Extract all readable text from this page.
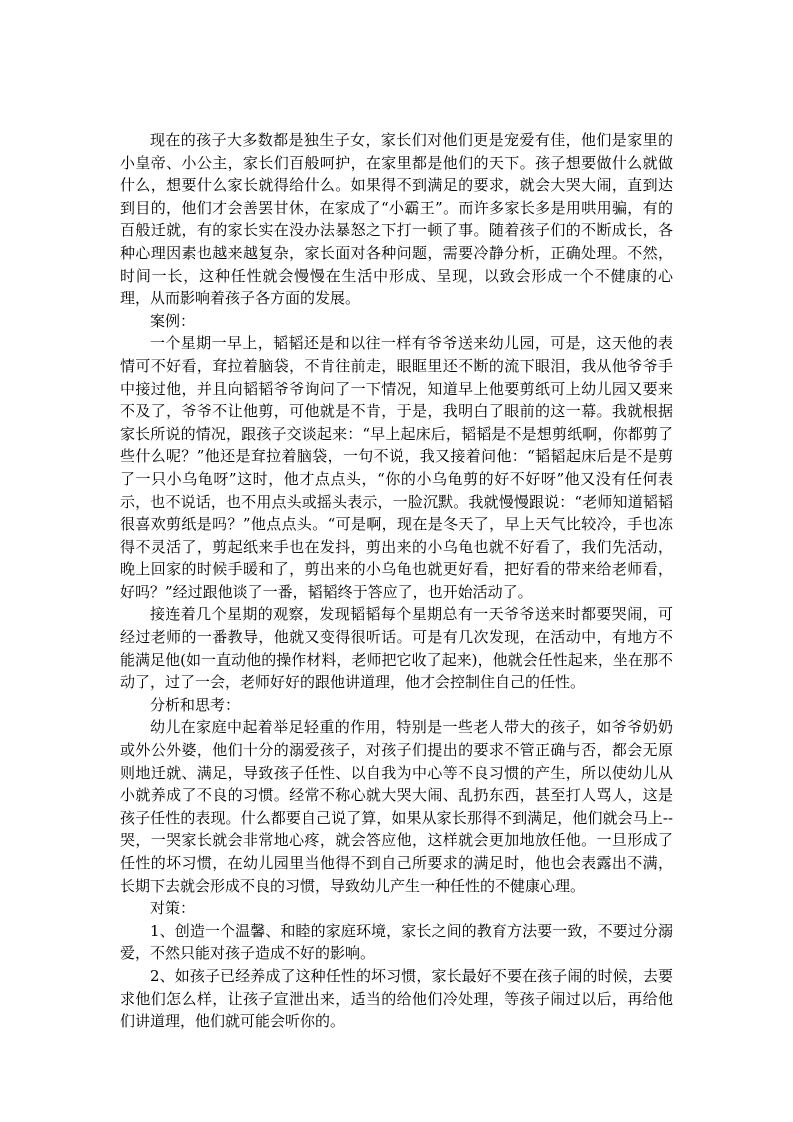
现在的孩子大多数都是独生子女，家长们对他们更是宠爱有佳，他们是家里的小皇帝、小公主，家长们百般呵护，在家里都是他们的天下。孩子想要做什么就做什么，想要什么家长就得给什么。如果得不到满足的要求，就会大哭大闹，直到达到目的，他们才会善罢甘休，在家成了“小霸王”。而许多家长多是用哄用骗，有的百般迁就，有的家长实在没办法暴怒之下打一顿了事。随着孩子们的不断成长，各种心理因素也越来越复杂，家长面对各种问题，需要冷静分析，正确处理。不然，时间一长，这种任性就会慢慢在生活中形成、呈现，以致会形成一个不健康的心理，从而影响着孩子各方面的发展。

案例：

一个星期一早上，韬韬还是和以往一样有爷爷送来幼儿园，可是，这天他的表情可不好看，耷拉着脑袋，不肯往前走，眼眶里还不断的流下眼泪，我从他爷爷手中接过他，并且向韬韬爷爷询问了一下情况，知道早上他要剪纸可上幼儿园又要来不及了，爷爷不让他剪，可他就是不肯，于是，我明白了眼前的这一幕。我就根据家长所说的情况，跟孩子交谈起来：“早上起床后，韬韬是不是想剪纸啊，你都剪了些什么呢？”他还是耷拉着脑袋，一句不说，我又接着问他：“韬韬起床后是不是剪了一只小乌龟呀”这时，他才点点头，“你的小乌龟剪的好不好呀”他又没有任何表示，也不说话，也不用点头或摇头表示，一脸沉默。我就慢慢跟说：“老师知道韬韬很喜欢剪纸是吗？”他点点头。“可是啊，现在是冬天了，早上天气比较冷，手也冻得不灵活了，剪起纸来手也在发抖，剪出来的小乌龟也就不好看了，我们先活动，晚上回家的时候手暖和了，剪出来的小乌龟也就更好看，把好看的带来给老师看，好吗？”经过跟他谈了一番，韬韬终于答应了，也开始活动了。

接连着几个星期的观察，发现韬韬每个星期总有一天爷爷送来时都要哭闹，可经过老师的一番教导，他就又变得很听话。可是有几次发现，在活动中，有地方不能满足他(如一直动他的操作材料，老师把它收了起来)，他就会任性起来，坐在那不动了，过了一会，老师好好的跟他讲道理，他才会控制住自己的任性。

分析和思考：

幼儿在家庭中起着举足轻重的作用，特别是一些老人带大的孩子，如爷爷奶奶或外公外婆，他们十分的溺爱孩子，对孩子们提出的要求不管正确与否，都会无原则地迁就、满足，导致孩子任性、以自我为中心等不良习惯的产生，所以使幼儿从小就养成了不良的习惯。经常不称心就大哭大闹、乱扔东西，甚至打人骂人，这是孩子任性的表现。什么都要自己说了算，如果从家长那得不到满足，他们就会马上--哭，一哭家长就会非常地心疼，就会答应他，这样就会更加地放任他。一旦形成了任性的坏习惯，在幼儿园里当他得不到自己所要求的满足时，他也会表露出不满，长期下去就会形成不良的习惯，导致幼儿产生一种任性的不健康心理。

对策：

1、创造一个温馨、和睦的家庭环境，家长之间的教育方法要一致，不要过分溺爱，不然只能对孩子造成不好的影响。

2、如孩子已经养成了这种任性的坏习惯，家长最好不要在孩子闹的时候，去要求他们怎么样，让孩子宣泄出来，适当的给他们冷处理，等孩子闹过以后，再给他们讲道理，他们就可能会听你的。
